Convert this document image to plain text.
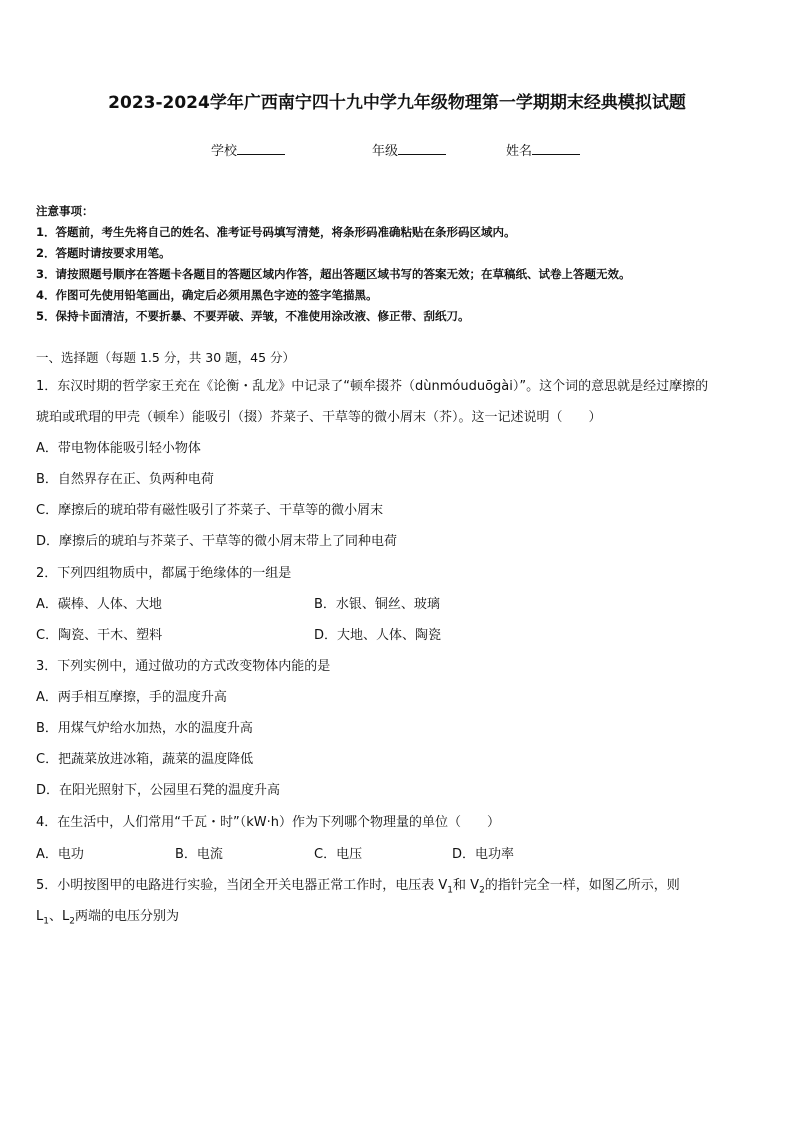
2023-2024学年广西南宁四十九中学九年级物理第一学期期末经典模拟试题
学校	年级	姓名
注意事项：
1．答题前，考生先将自己的姓名、准考证号码填写清楚，将条形码准确粘贴在条形码区域内。
2．答题时请按要求用笔。
3．请按照题号顺序在答题卡各题目的答题区域内作答，超出答题区域书写的答案无效；在草稿纸、试卷上答题无效。
4．作图可先使用铅笔画出，确定后必须用黑色字迹的签字笔描黑。
5．保持卡面清洁，不要折暴、不要弄破、弄皱，不准使用涂改液、修正带、刮纸刀。
一、选择题（每题 1.5 分，共 30 题，45 分）
1．东汉时期的哲学家王充在《论衡・乱龙》中记录了“顿牟掇芥（dùnmóuduōgài）”。这个词的意思就是经过摩擦的
琥珀或玳瑁的甲壳（顿牟）能吸引（掇）芥菜子、干草等的微小屑末（芥）。这一记述说明（　　）
A．带电物体能吸引轻小物体
B．自然界存在正、负两种电荷
C．摩擦后的琥珀带有磁性吸引了芥菜子、干草等的微小屑末
D．摩擦后的琥珀与芥菜子、干草等的微小屑末带上了同种电荷
2．下列四组物质中，都属于绝缘体的一组是
A．碳棒、人体、大地	B．水银、铜丝、玻璃
C．陶瓷、干木、塑料	D．大地、人体、陶瓷
3．下列实例中，通过做功的方式改变物体内能的是
A．两手相互摩擦，手的温度升高
B．用煤气炉给水加热，水的温度升高
C．把蔬菜放进冰箱，蔬菜的温度降低
D．在阳光照射下，公园里石凳的温度升高
4．在生活中，人们常用“千瓦・时”（kW·h）作为下列哪个物理量的单位（　　）
A．电功	B．电流	C．电压	D．电功率
5．小明按图甲的电路进行实验，当闭全开关电器正常工作时，电压表 $V_1$和 $V_2$的指针完全一样，如图乙所示，则
$L_1$、$L_2$两端的电压分别为
